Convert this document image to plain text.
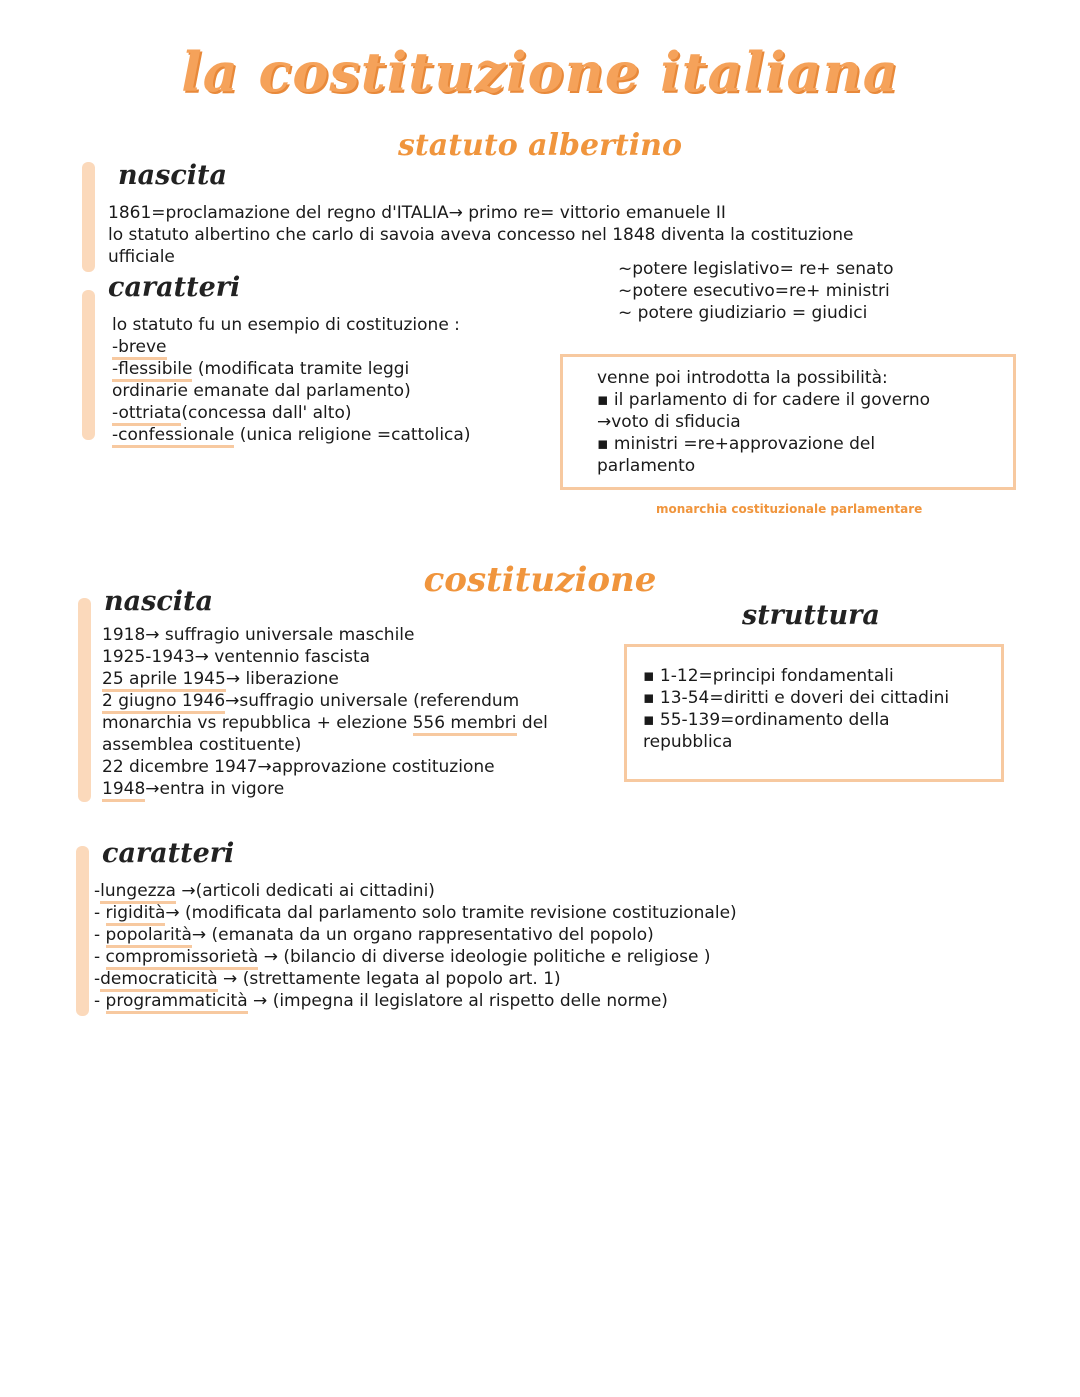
la costituzione italiana
statuto albertino
nascita
1861=proclamazione del regno d'ITALIA→ primo re= vittorio emanuele II
lo statuto albertino che carlo di savoia aveva concesso nel 1848 diventa la costituzione
ufficiale
caratteri
lo statuto fu un esempio di costituzione :
-breve
-flessibile (modificata tramite leggi
ordinarie emanate dal parlamento)
-ottriata(concessa dall' alto)
-confessionale (unica religione =cattolica)
~potere legislativo= re+ senato
~potere esecutivo=re+ ministri
~ potere giudiziario = giudici
venne poi introdotta la possibilità:
▪ il parlamento di for cadere il governo
→voto di sfiducia
▪ ministri =re+approvazione del
parlamento
monarchia costituzionale parlamentare
costituzione
nascita
1918→ suffragio universale maschile
1925-1943→ ventennio fascista
25 aprile 1945→ liberazione
2 giugno 1946→suffragio universale (referendum
monarchia vs repubblica + elezione 556 membri del
assemblea costituente)
22 dicembre 1947→approvazione costituzione
1948→entra in vigore
struttura
▪ 1-12=principi fondamentali
▪ 13-54=diritti e doveri dei cittadini
▪ 55-139=ordinamento della
repubblica
caratteri
-lungezza →(articoli dedicati ai cittadini)
- rigidità→ (modificata dal parlamento solo tramite revisione costituzionale)
- popolarità→ (emanata da un organo rappresentativo del popolo)
- compromissorietà → (bilancio di diverse ideologie politiche e religiose )
-democraticità → (strettamente legata al popolo art. 1)
- programmaticità → (impegna il legislatore al rispetto delle norme)
